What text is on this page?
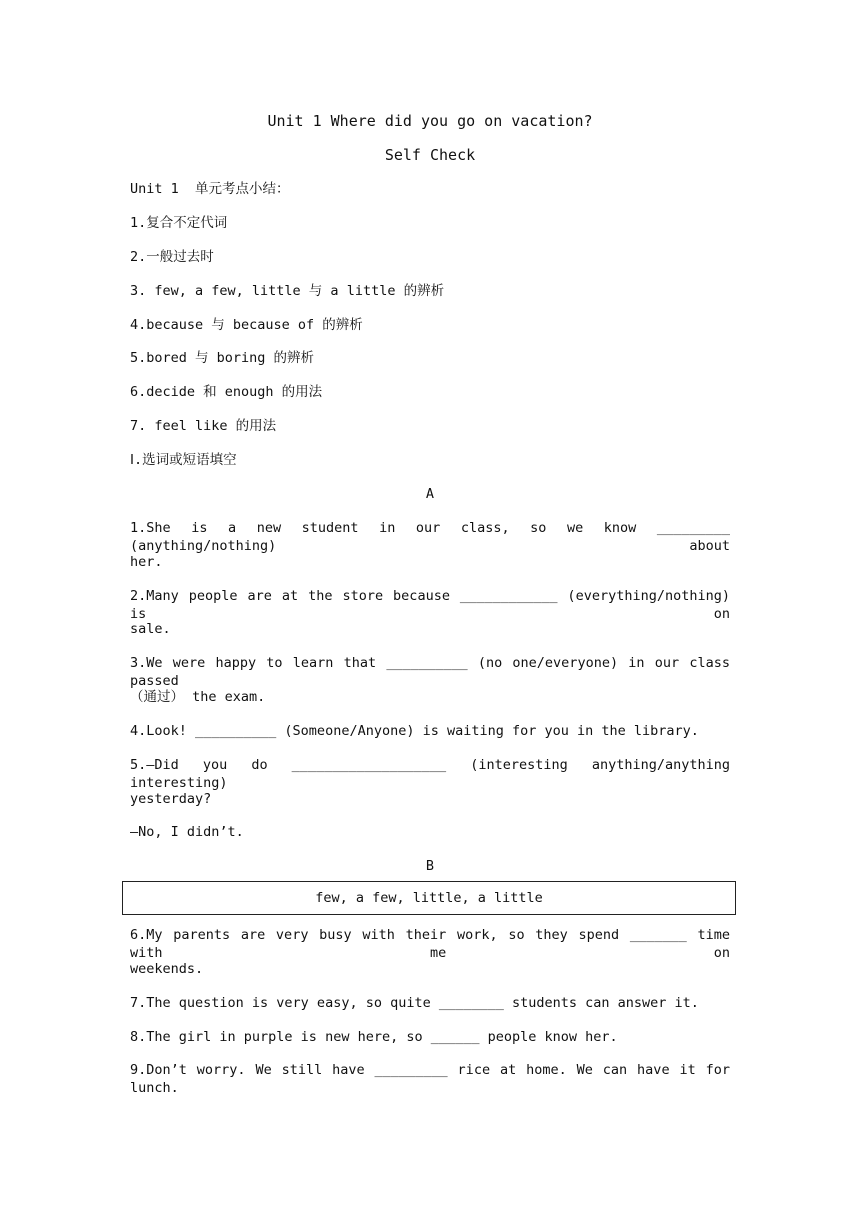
Unit 1 Where did you go on vacation?
Self Check
Unit 1  单元考点小结：
1.复合不定代词
2.一般过去时
3. few, a few, little 与 a little 的辨析
4.because 与 because of 的辨析
5.bored 与 boring 的辨析
6.decide 和 enough 的用法
7. feel like 的用法
Ⅰ.选词或短语填空
A
1.She is a new student in our class, so we know _________ (anything/nothing) about
her.
2.Many people are at the store because ____________ (everything/nothing) is on
sale.
3.We were happy to learn that __________ (no one/everyone) in our class passed
（通过） the exam.
4.Look! __________ (Someone/Anyone) is waiting for you in the library.
5.—Did you do ___________________ (interesting anything/anything interesting)
yesterday?
—No, I didn’t.
B
few, a few, little, a little
6.My parents are very busy with their work, so they spend _______ time with me on
weekends.
7.The question is very easy, so quite ________ students can answer it.
8.The girl in purple is new here, so ______ people know her.
9.Don’t worry. We still have _________ rice at home. We can have it for lunch.
